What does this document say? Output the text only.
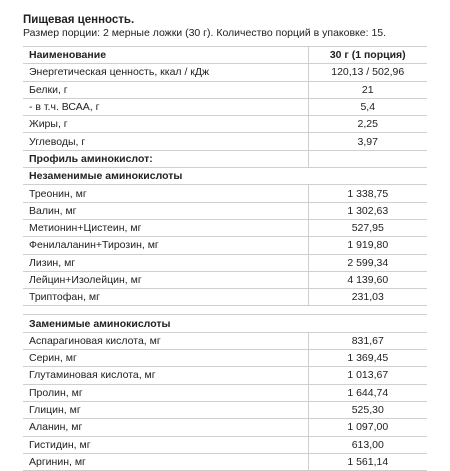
Пищевая ценность.

Размер порции: 2 мерные ложки (30 г). Количество порций в упаковке: 15.

Наименование	30 г (1 порция)
Энергетическая ценность, ккал / кДж	120,13 / 502,96
Белки, г	21
- в т.ч. ВСАА, г	5,4
Жиры, г	2,25
Углеводы, г	3,97
Профиль аминокислот:	
Незаменимые аминокислоты	
Треонин, мг	1 338,75
Валин, мг	1 302,63
Метионин+Цистеин, мг	527,95
Фенилаланин+Тирозин, мг	1 919,80
Лизин, мг	2 599,34
Лейцин+Изолейцин, мг	4 139,60
Триптофан, мг	231,03

Заменимые аминокислоты	
Аспарагиновая кислота, мг	831,67
Серин, мг	1 369,45
Глутаминовая кислота, мг	1 013,67
Пролин, мг	1 644,74
Глицин, мг	525,30
Аланин, мг	1 097,00
Гистидин, мг	613,00
Аргинин, мг	1 561,14
